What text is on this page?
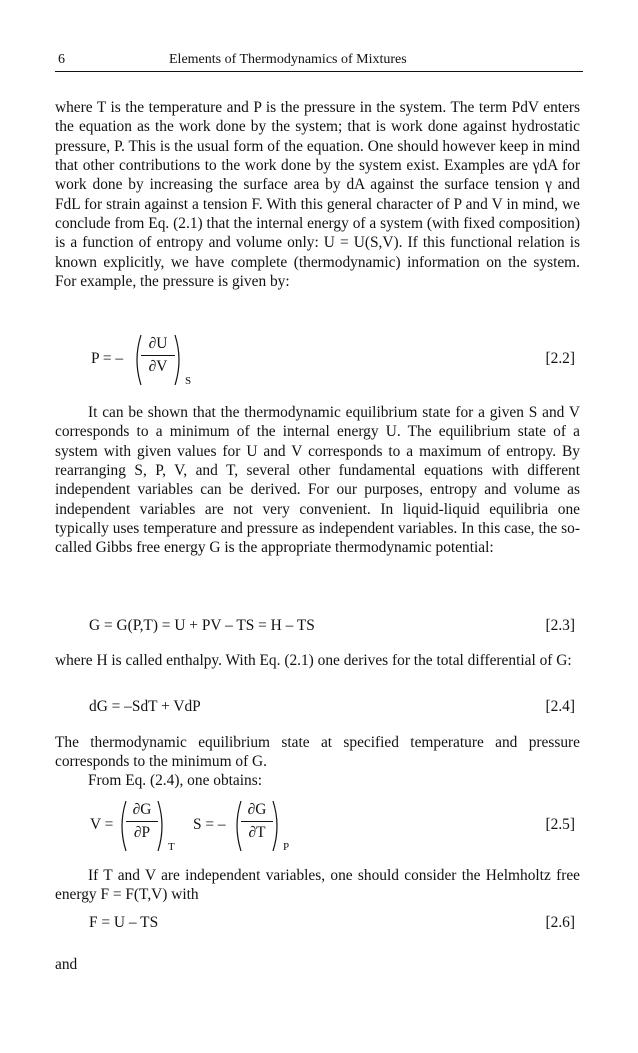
6	Elements of Thermodynamics of Mixtures

where T is the temperature and P is the pressure in the system. The term PdV enters the equation as the work done by the system; that is work done against hydrostatic pressure, P. This is the usual form of the equation. One should however keep in mind that other contributions to the work done by the system exist. Examples are γdA for work done by increasing the surface area by dA against the surface tension γ and FdL for strain against a tension F. With this general character of P and V in mind, we conclude from Eq. (2.1) that the internal energy of a system (with fixed composition) is a function of entropy and volume only: U = U(S,V). If this functional relation is known explicitly, we have complete (thermodynamic) information on the system. For example, the pressure is given by:

P = –
∂U
∂V
S
[2.2]

It can be shown that the thermodynamic equilibrium state for a given S and V corresponds to a minimum of the internal energy U. The equilibrium state of a system with given values for U and V corresponds to a maximum of entropy. By rearranging S, P, V, and T, several other fundamental equations with different independent variables can be derived. For our purposes, entropy and volume as independent variables are not very convenient. In liquid-liquid equilibria one typically uses temperature and pressure as independent variables. In this case, the so-called Gibbs free energy G is the appropriate thermodynamic potential:

G = G(P,T) = U + PV – TS = H – TS	[2.3]

where H is called enthalpy. With Eq. (2.1) one derives for the total differential of G:

dG = –SdT + VdP	[2.4]

The thermodynamic equilibrium state at specified temperature and pressure corresponds to the minimum of G.

From Eq. (2.4), one obtains:

V =
∂G
∂P
T
S = –
∂G
∂T
P
[2.5]

If T and V are independent variables, one should consider the Helmholtz free energy F = F(T,V) with

F = U – TS	[2.6]

and
